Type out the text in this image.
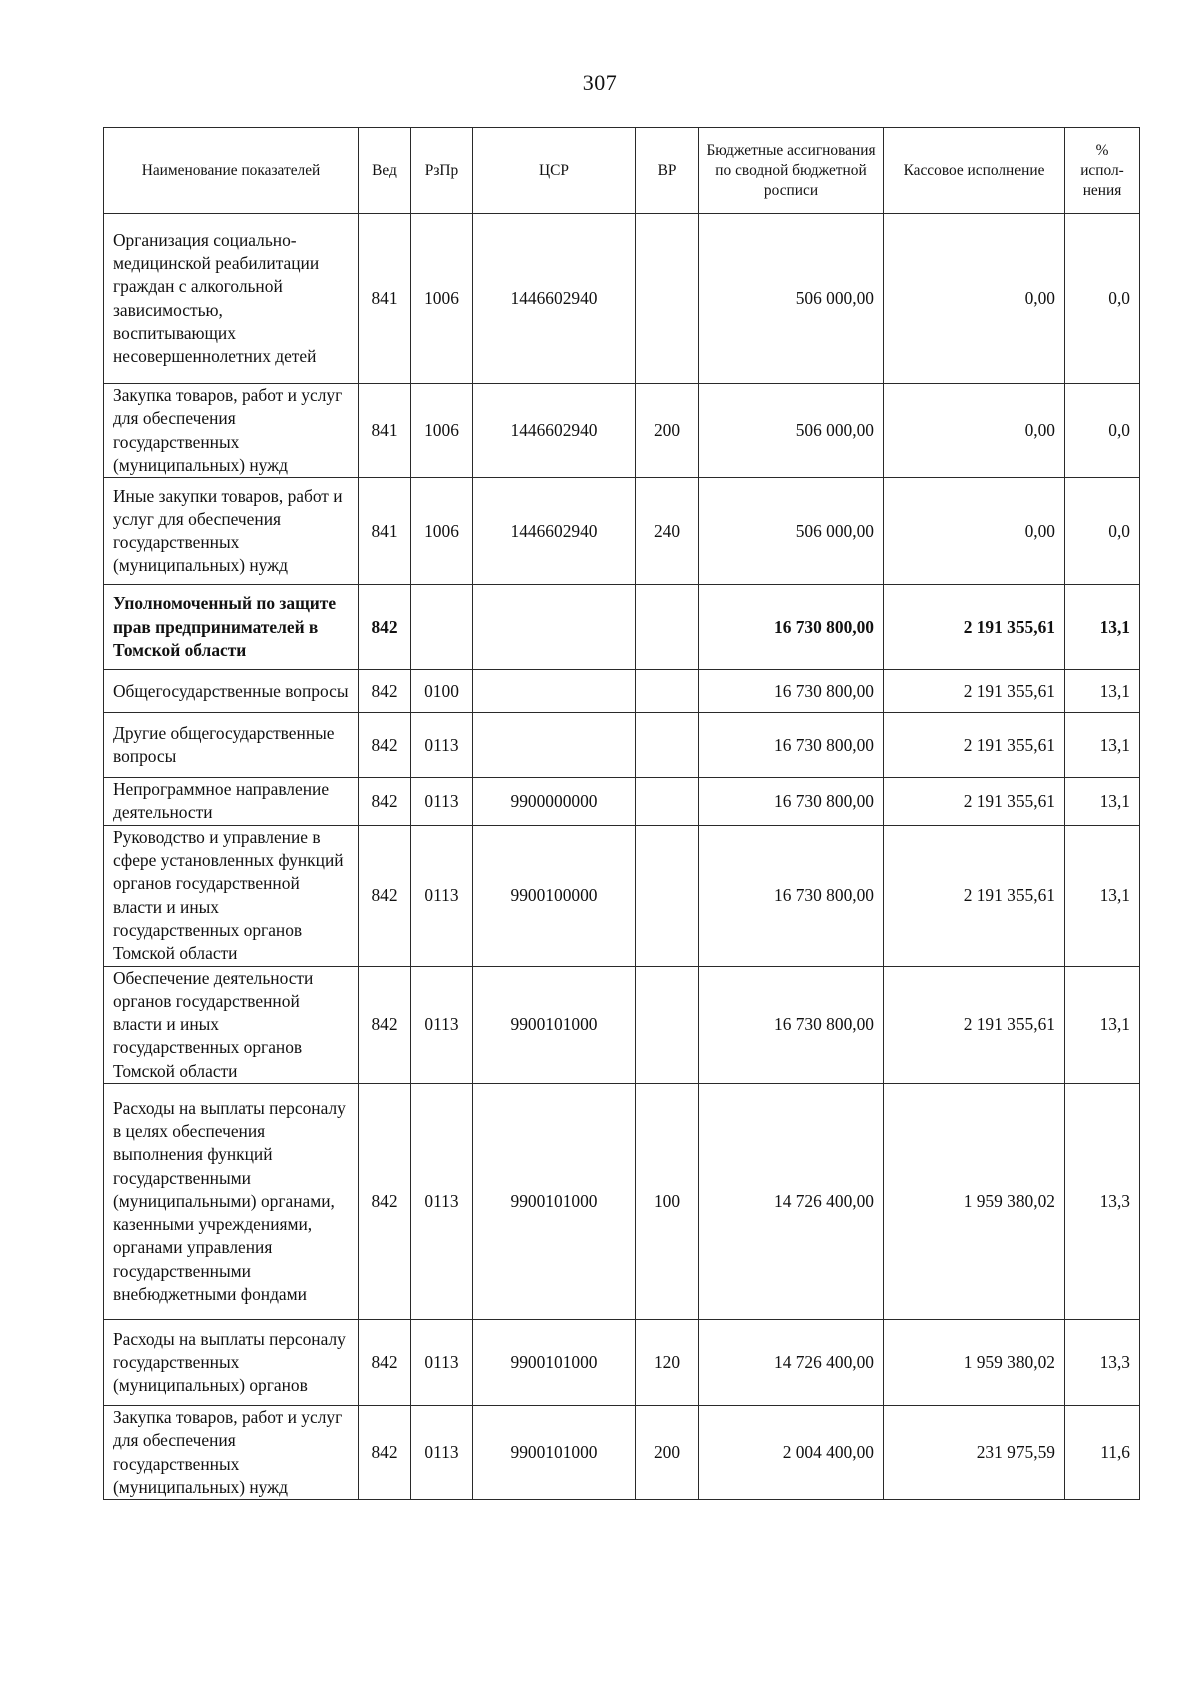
307
Наименование показателей	Вед	РзПр	ЦСР	ВР	Бюджетные ассигнования по сводной бюджетной росписи	Кассовое исполнение	%
испол-
нения

Организация социально-медицинской реабилитации граждан с алкогольной зависимостью, воспитывающих несовершеннолетних детей	841	1006	1446602940		506 000,00	0,00	0,0
Закупка товаров, работ и услуг для обеспечения государственных (муниципальных) нужд	841	1006	1446602940	200	506 000,00	0,00	0,0
Иные закупки товаров, работ и услуг для обеспечения государственных (муниципальных) нужд	841	1006	1446602940	240	506 000,00	0,00	0,0
Уполномоченный по защите прав предпринимателей в Томской области	842				16 730 800,00	2 191 355,61	13,1
Общегосударственные вопросы	842	0100			16 730 800,00	2 191 355,61	13,1
Другие общегосударственные вопросы	842	0113			16 730 800,00	2 191 355,61	13,1
Непрограммное направление деятельности	842	0113	9900000000		16 730 800,00	2 191 355,61	13,1
Руководство и управление в сфере установленных функций органов государственной власти и иных государственных органов Томской области	842	0113	9900100000		16 730 800,00	2 191 355,61	13,1
Обеспечение деятельности органов государственной власти и иных государственных органов Томской области	842	0113	9900101000		16 730 800,00	2 191 355,61	13,1
Расходы на выплаты персоналу в целях обеспечения выполнения функций государственными (муниципальными) органами, казенными учреждениями, органами управления государственными внебюджетными фондами	842	0113	9900101000	100	14 726 400,00	1 959 380,02	13,3
Расходы на выплаты персоналу государственных (муниципальных) органов	842	0113	9900101000	120	14 726 400,00	1 959 380,02	13,3
Закупка товаров, работ и услуг для обеспечения государственных (муниципальных) нужд	842	0113	9900101000	200	2 004 400,00	231 975,59	11,6
